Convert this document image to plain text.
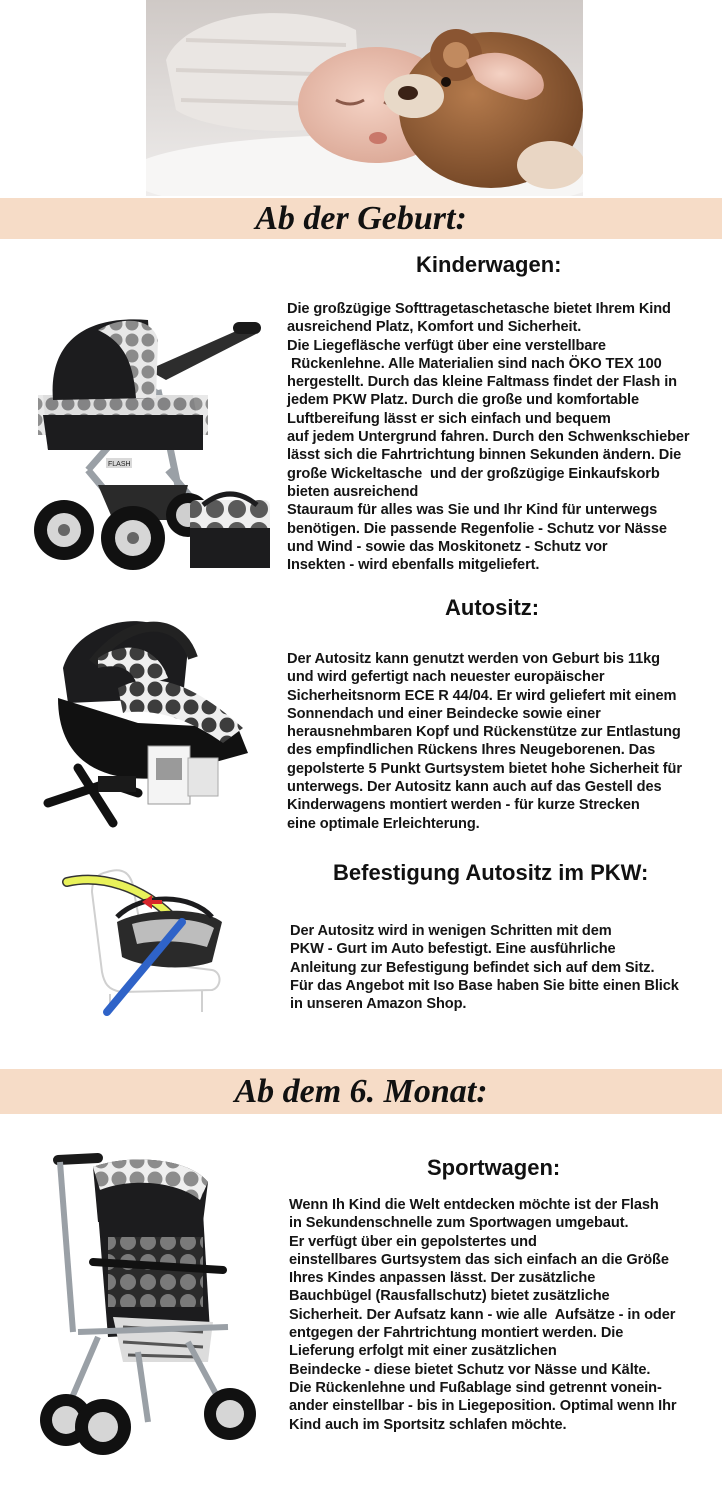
Ab der Geburt:
Kinderwagen:
FLASH
Die großzügige Softtragetaschetasche bietet Ihrem Kind
ausreichend Platz, Komfort und Sicherheit.
Die Liegefläsche verfügt über eine verstellbare
Rückenlehne. Alle Materialien sind nach ÖKO TEX 100
hergestellt. Durch das kleine Faltmass findet der Flash in
jedem PKW Platz. Durch die große und komfortable
Luftbereifung lässt er sich einfach und bequem
auf jedem Untergrund fahren. Durch den Schwenkschieber
lässt sich die Fahrtrichtung binnen Sekunden ändern. Die
große Wickeltasche  und der großzügige Einkaufskorb
bieten ausreichend
Stauraum für alles was Sie und Ihr Kind für unterwegs
benötigen. Die passende Regenfolie - Schutz vor Nässe
und Wind - sowie das Moskitonetz - Schutz vor
Insekten - wird ebenfalls mitgeliefert.
Autositz:
Der Autositz kann genutzt werden von Geburt bis 11kg
und wird gefertigt nach neuester europäischer
Sicherheitsnorm ECE R 44/04. Er wird geliefert mit einem
Sonnendach und einer Beindecke sowie einer
herausnehmbaren Kopf und Rückenstütze zur Entlastung
des empfindlichen Rückens Ihres Neugeborenen. Das
gepolsterte 5 Punkt Gurtsystem bietet hohe Sicherheit für
unterwegs. Der Autositz kann auch auf das Gestell des
Kinderwagens montiert werden - für kurze Strecken
eine optimale Erleichterung.
Befestigung Autositz im PKW:
Der Autositz wird in wenigen Schritten mit dem
PKW - Gurt im Auto befestigt. Eine ausführliche
Anleitung zur Befestigung befindet sich auf dem Sitz.
Für das Angebot mit Iso Base haben Sie bitte einen Blick
in unseren Amazon Shop.
Ab dem 6. Monat:
Sportwagen:
Wenn Ih Kind die Welt entdecken möchte ist der Flash
in Sekundenschnelle zum Sportwagen umgebaut.
Er verfügt über ein gepolstertes und
einstellbares Gurtsystem das sich einfach an die Größe
Ihres Kindes anpassen lässt. Der zusätzliche
Bauchbügel (Rausfallschutz) bietet zusätzliche
Sicherheit. Der Aufsatz kann - wie alle  Aufsätze - in oder
entgegen der Fahrtrichtung montiert werden. Die
Lieferung erfolgt mit einer zusätzlichen
Beindecke - diese bietet Schutz vor Nässe und Kälte.
Die Rückenlehne und Fußablage sind getrennt vonein-
ander einstellbar - bis in Liegeposition. Optimal wenn Ihr
Kind auch im Sportsitz schlafen möchte.
